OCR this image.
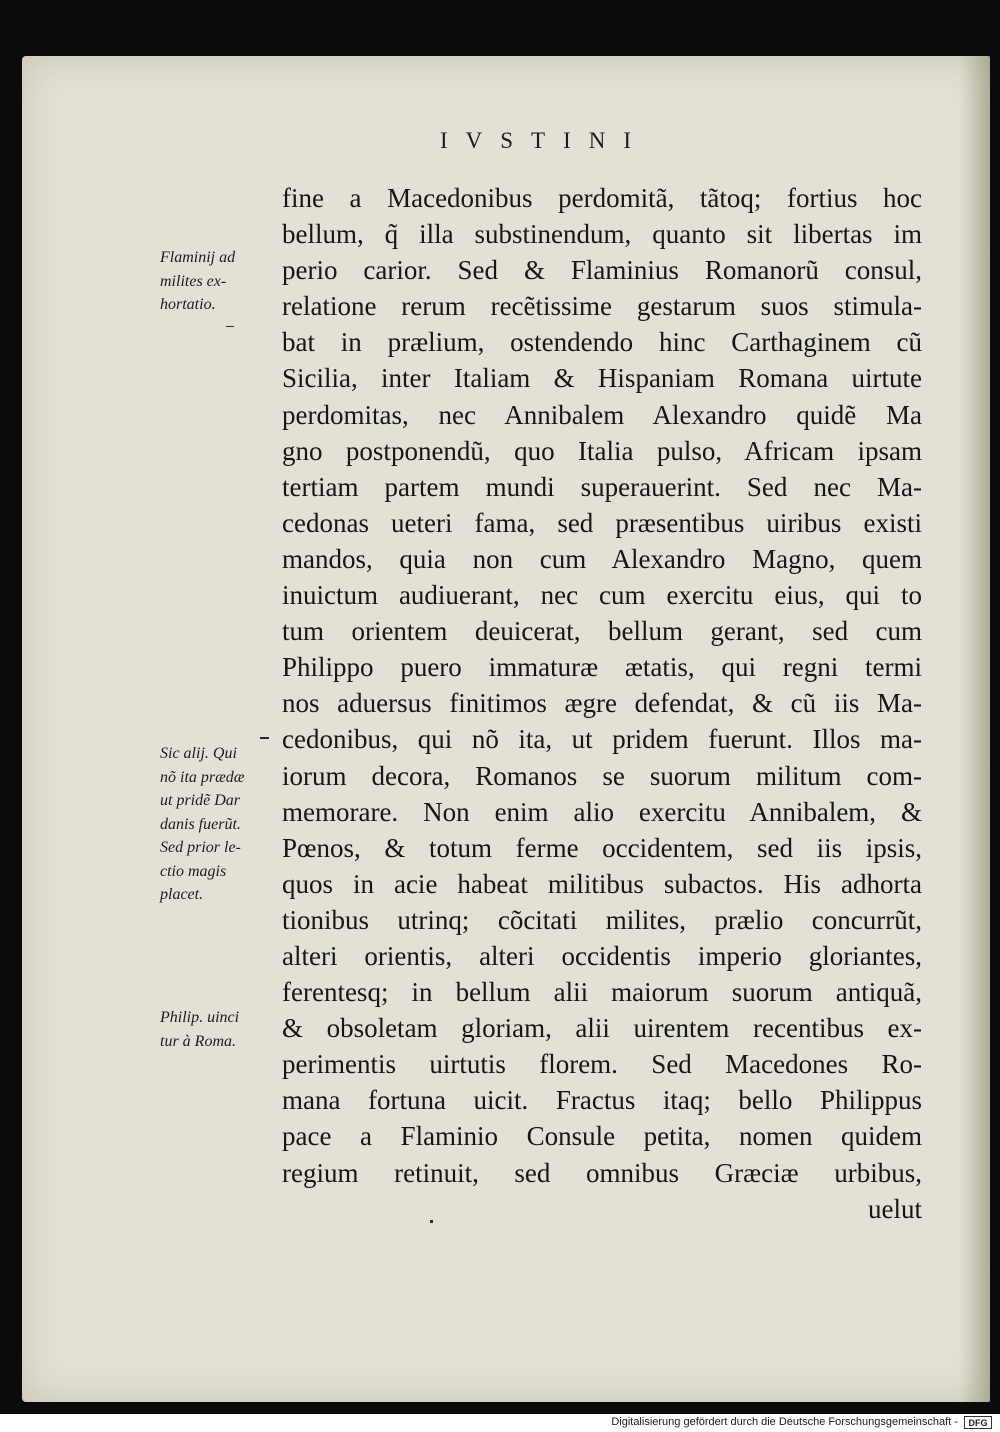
IVSTINI
fine a Macedonibus perdomitã, tãtoq; fortius hoc
bellum, q̃ illa substinendum, quanto sit libertas im
perio carior. Sed & Flaminius Romanorũ consul,
relatione rerum recẽtissime gestarum suos stimula-
bat in prælium, ostendendo hinc Carthaginem cũ
Sicilia, inter Italiam & Hispaniam Romana uirtute
perdomitas, nec Annibalem Alexandro quidẽ Ma
gno postponendũ, quo Italia pulso, Africam ipsam
tertiam partem mundi superauerint. Sed nec Ma-
cedonas ueteri fama, sed præsentibus uiribus existi
mandos, quia non cum Alexandro Magno, quem
inuictum audiuerant, nec cum exercitu eius, qui to
tum orientem deuicerat, bellum gerant, sed cum
Philippo puero immaturæ ætatis, qui regni termi
nos aduersus finitimos ægre defendat, & cũ iis Ma-
cedonibus, qui nõ ita, ut pridem fuerunt. Illos ma-
iorum decora, Romanos se suorum militum com-
memorare. Non enim alio exercitu Annibalem, &
Pœnos, & totum ferme occidentem, sed iis ipsis,
quos in acie habeat militibus subactos. His adhorta
tionibus utrinq; cõcitati milites, prælio concurrũt,
alteri orientis, alteri occidentis imperio gloriantes,
ferentesq; in bellum alii maiorum suorum antiquã,
& obsoletam gloriam, alii uirentem recentibus ex-
perimentis uirtutis florem. Sed Macedones Ro-
mana fortuna uicit. Fractus itaq; bello Philippus
pace a Flaminio Consule petita, nomen quidem
regium retinuit, sed omnibus Græciæ urbibus,
uelut
Flaminij ad
milites ex-
hortatio.
Sic alij. Qui
nõ ita prædæ
ut pridẽ Dar
danis fuerũt.
Sed prior le-
ctio magis
placet.
Philip. uinci
tur à Roma.
Digitalisierung gefördert durch die Deutsche Forschungsgemeinschaft -	DFG
